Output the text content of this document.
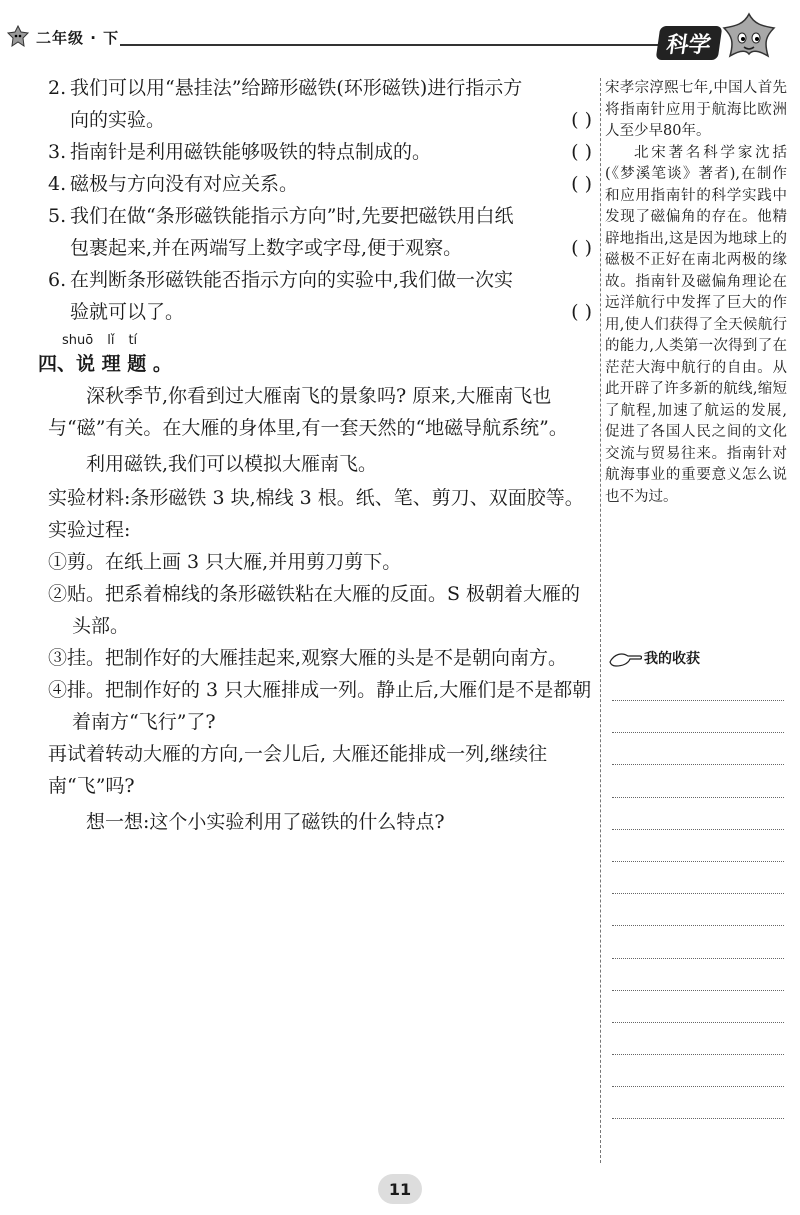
二年级 · 下	科学
2. 我们可以用“悬挂法”给蹄形磁铁(环形磁铁)进行指示方
向的实验。	( )
3. 指南针是利用磁铁能够吸铁的特点制成的。	( )
4. 磁极与方向没有对应关系。	( )
5. 我们在做“条形磁铁能指示方向”时,先要把磁铁用白纸
包裹起来,并在两端写上数字或字母,便于观察。	( )
6. 在判断条形磁铁能否指示方向的实验中,我们做一次实
验就可以了。	( )
shuō lǐ tí
四、说 理 题 。

深秋季节,你看到过大雁南飞的景象吗? 原来,大雁南飞也与“磁”有关。在大雁的身体里,有一套天然的“地磁导航系统”。

利用磁铁,我们可以模拟大雁南飞。

实验材料:条形磁铁 3 块,棉线 3 根。纸、笔、剪刀、双面胶等。

实验过程:

①剪。在纸上画 3 只大雁,并用剪刀剪下。

②贴。把系着棉线的条形磁铁粘在大雁的反面。S 极朝着大雁的头部。

③挂。把制作好的大雁挂起来,观察大雁的头是不是朝向南方。

④排。把制作好的 3 只大雁排成一列。静止后,大雁们是不是都朝着南方“飞行”了?

再试着转动大雁的方向,一会儿后, 大雁还能排成一列,继续往南“飞”吗?

想一想:这个小实验利用了磁铁的什么特点?

宋孝宗淳熙七年,中国人首先将指南针应用于航海比欧洲人至少早80年。

北宋著名科学家沈括(《梦溪笔谈》著者),在制作和应用指南针的科学实践中发现了磁偏角的存在。他精辟地指出,这是因为地球上的磁极不正好在南北两极的缘故。指南针及磁偏角理论在远洋航行中发挥了巨大的作用,使人们获得了全天候航行的能力,人类第一次得到了在茫茫大海中航行的自由。从此开辟了许多新的航线,缩短了航程,加速了航运的发展,促进了各国人民之间的文化交流与贸易往来。指南针对航海事业的重要意义怎么说也不为过。

我的收获
11
